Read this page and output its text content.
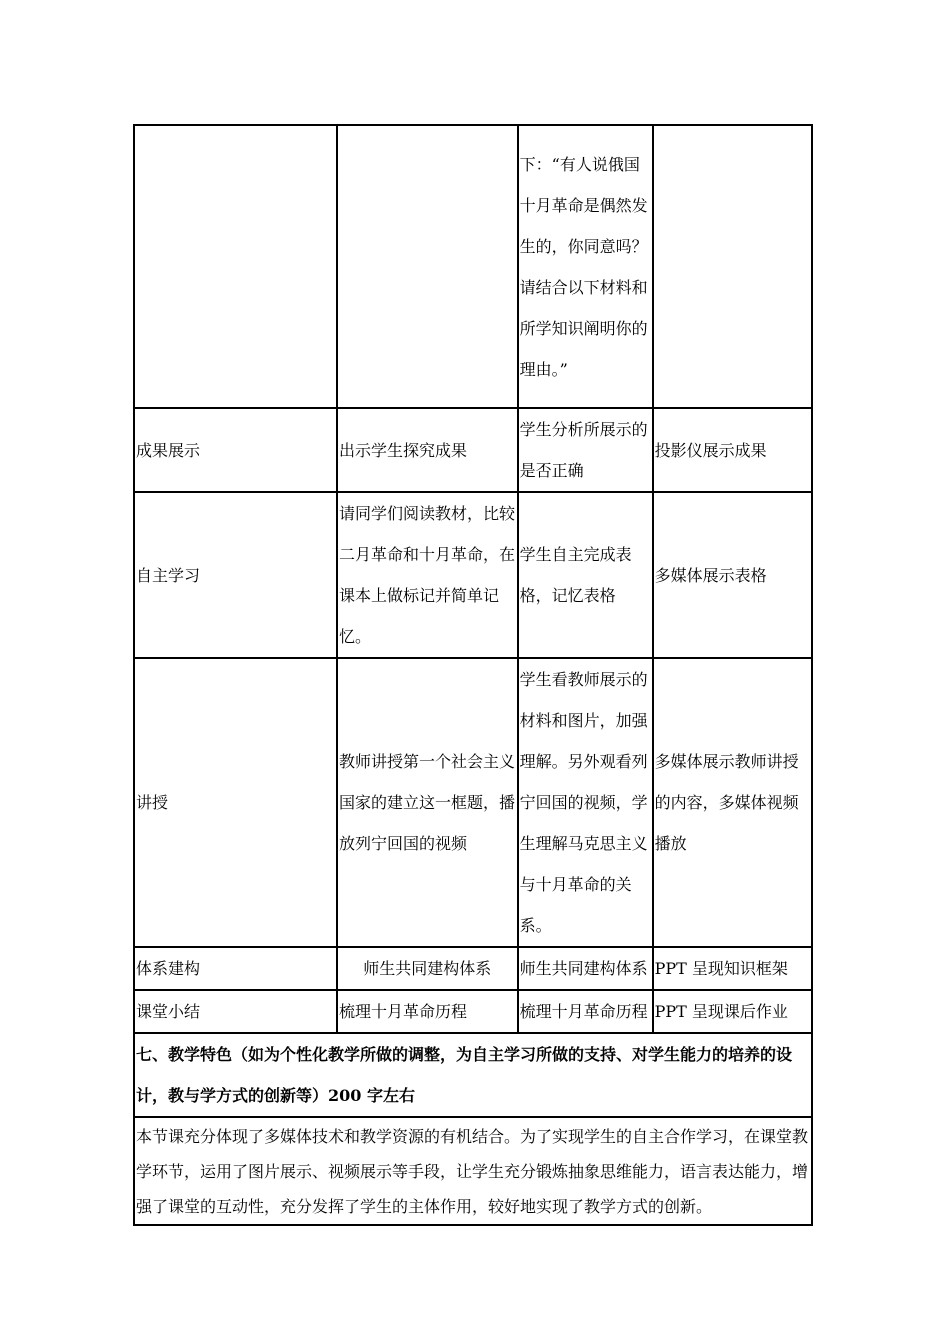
		下：“有人说俄国十月革命是偶然发生的，你同意吗？请结合以下材料和所学知识阐明你的理由。”	
成果展示	出示学生探究成果	学生分析所展示的是否正确	投影仪展示成果
自主学习	请同学们阅读教材，比较二月革命和十月革命，在课本上做标记并简单记忆。	学生自主完成表格，记忆表格	多媒体展示表格
讲授	教师讲授第一个社会主义国家的建立这一框题，播放列宁回国的视频	学生看教师展示的材料和图片，加强理解。另外观看列宁回国的视频，学生理解马克思主义与十月革命的关系。	多媒体展示教师讲授的内容，多媒体视频播放
体系建构	师生共同建构体系	师生共同建构体系	PPT 呈现知识框架
课堂小结	梳理十月革命历程	梳理十月革命历程	PPT 呈现课后作业
七、教学特色（如为个性化教学所做的调整，为自主学习所做的支持、对学生能力的培养的设计，教与学方式的创新等）200 字左右			
本节课充分体现了多媒体技术和教学资源的有机结合。为了实现学生的自主合作学习，在课堂教学环节，运用了图片展示、视频展示等手段，让学生充分锻炼抽象思维能力，语言表达能力，增强了课堂的互动性，充分发挥了学生的主体作用，较好地实现了教学方式的创新。			
